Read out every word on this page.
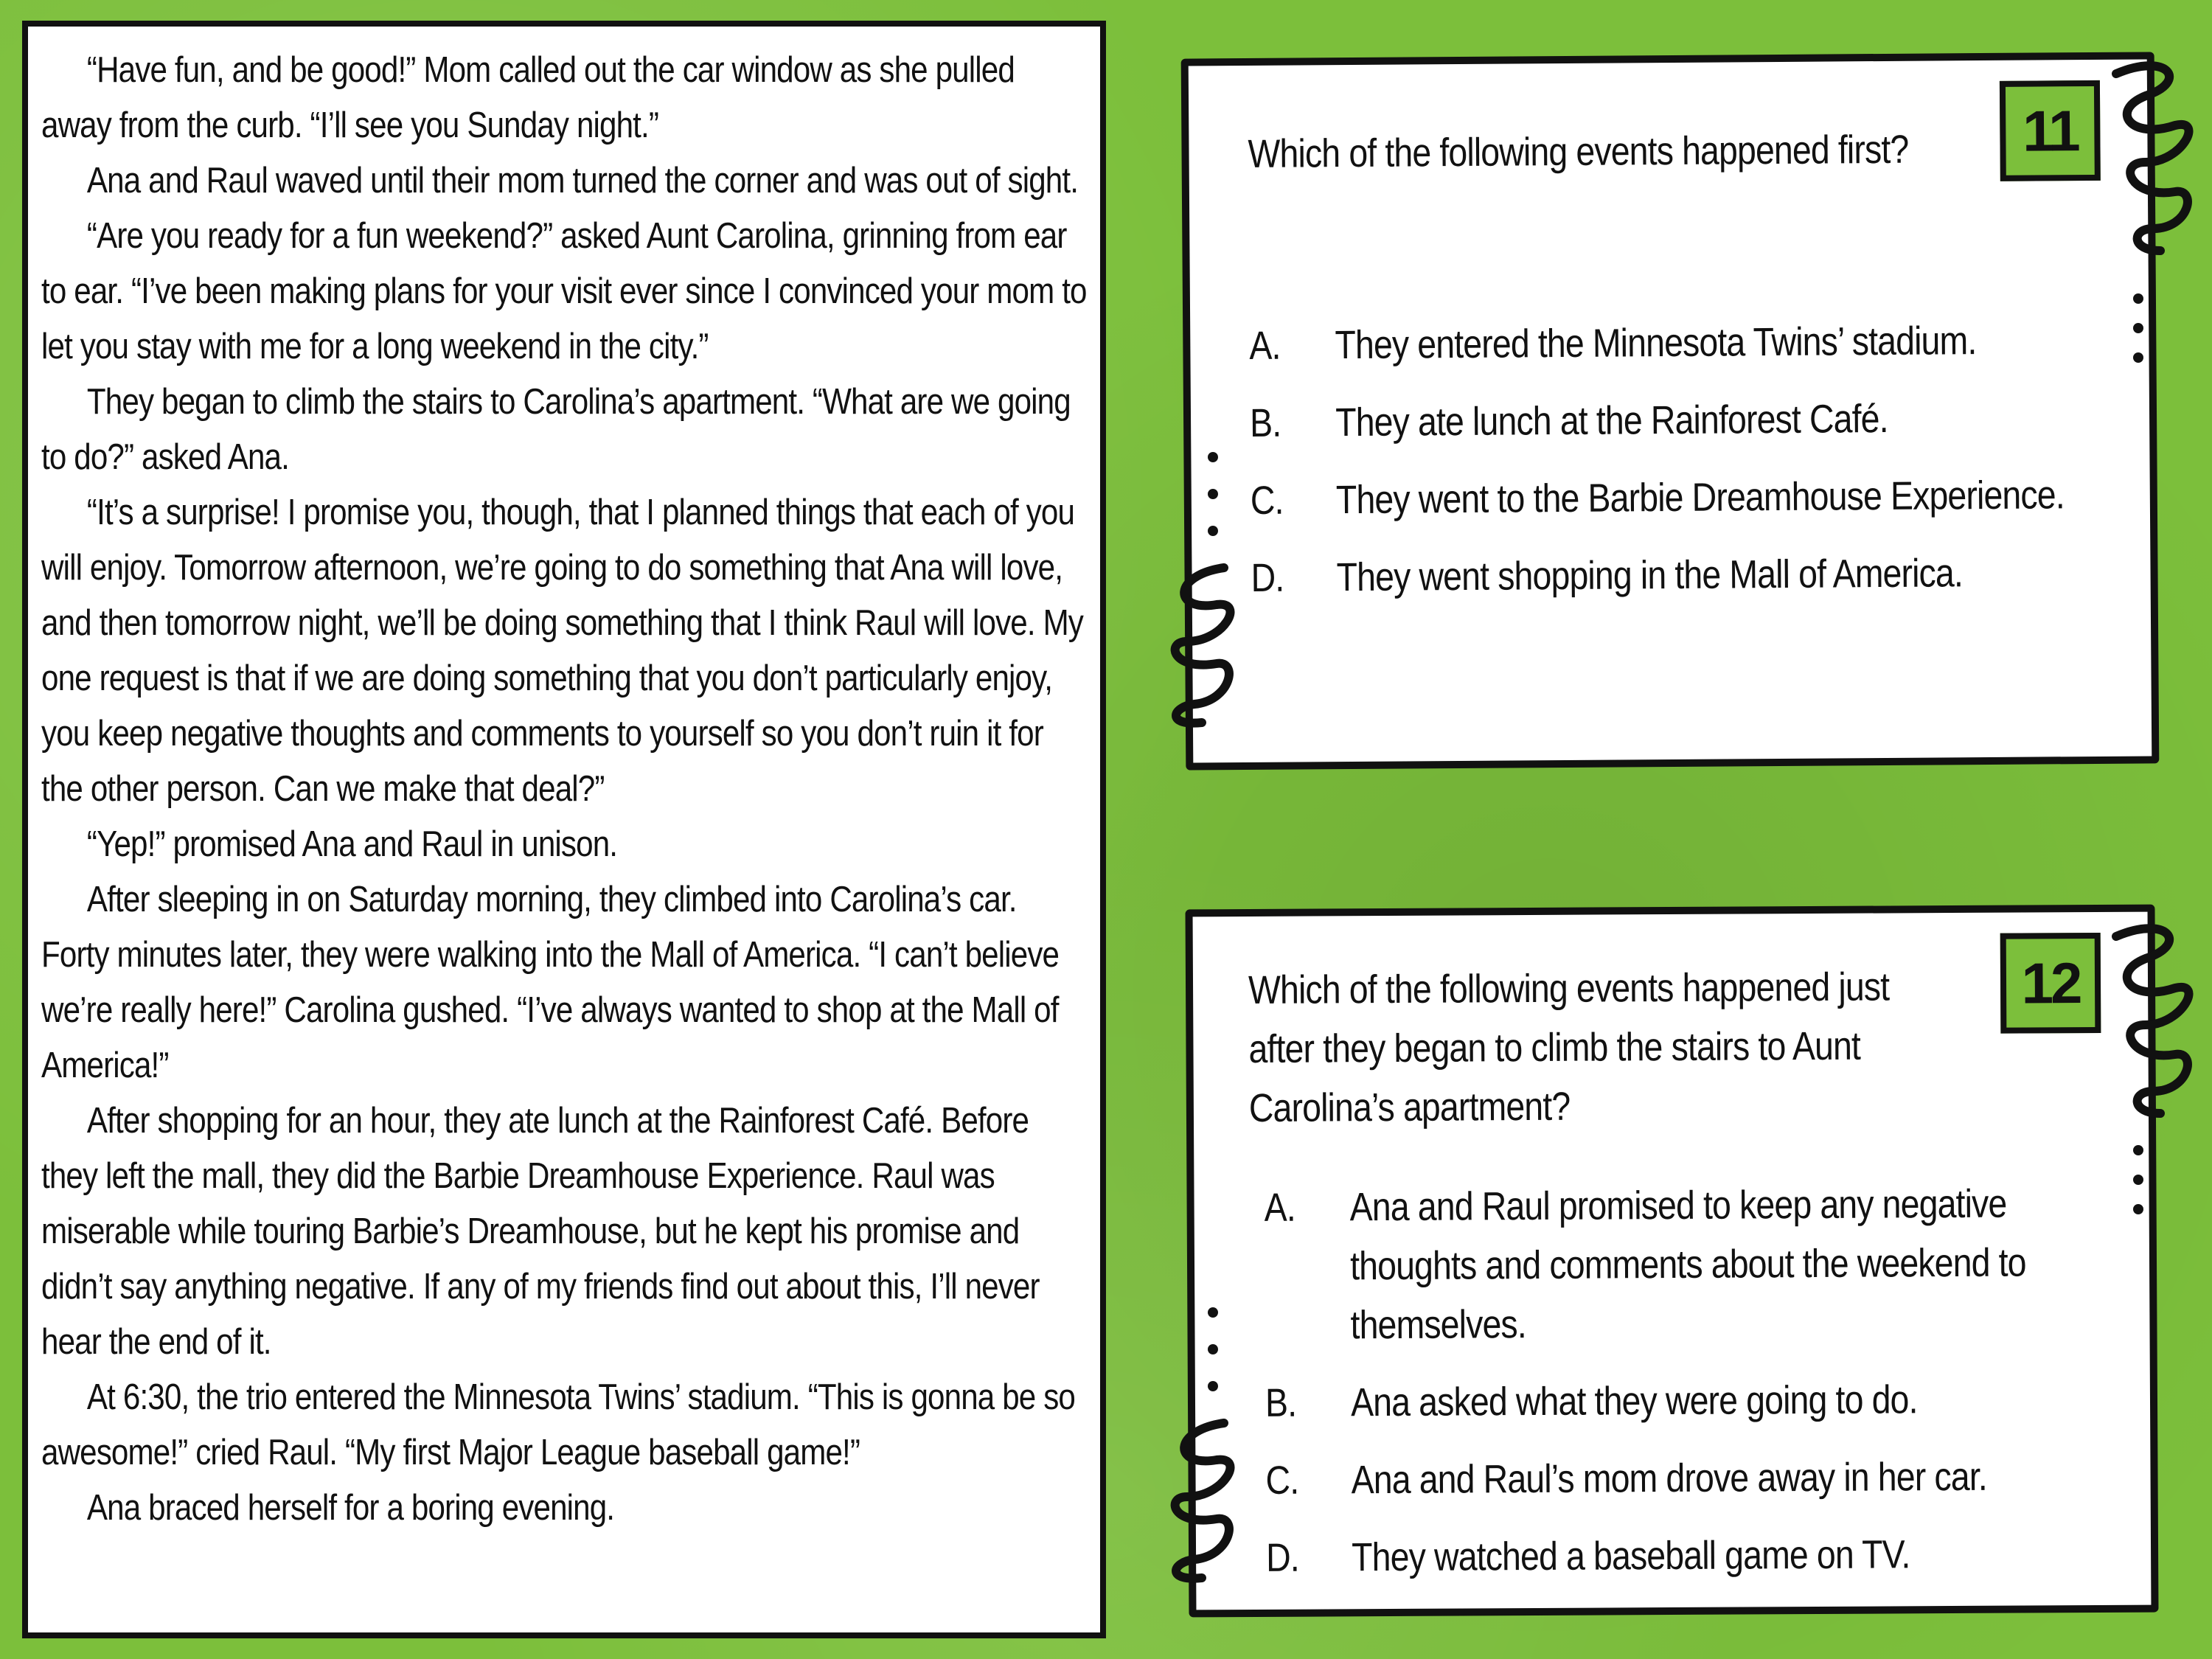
“Have fun, and be good!” Mom called out the car window as she pulled away from the curb. “I’ll see you Sunday night.”

Ana and Raul waved until their mom turned the corner and was out of sight.

“Are you ready for a fun weekend?” asked Aunt Carolina, grinning from ear to ear. “I’ve been making plans for your visit ever since I convinced your mom to let you stay with me for a long weekend in the city.”

They began to climb the stairs to Carolina’s apartment. “What are we going to do?” asked Ana.

“It’s a surprise! I promise you, though, that I planned things that each of you will enjoy. Tomorrow afternoon, we’re going to do something that Ana will love, and then tomorrow night, we’ll be doing something that I think Raul will love. My one request is that if we are doing something that you don’t particularly enjoy, you keep negative thoughts and comments to yourself so you don’t ruin it for the other person. Can we make that deal?”

“Yep!” promised Ana and Raul in unison.

After sleeping in on Saturday morning, they climbed into Carolina’s car. Forty minutes later, they were walking into the Mall of America. “I can’t believe we’re really here!” Carolina gushed. “I’ve always wanted to shop at the Mall of America!”

After shopping for an hour, they ate lunch at the Rainforest Café. Before they left the mall, they did the Barbie Dreamhouse Experience. Raul was miserable while touring Barbie’s Dreamhouse, but he kept his promise and didn’t say anything negative. If any of my friends find out about this, I’ll never hear the end of it.

At 6:30, the trio entered the Minnesota Twins’ stadium. “This is gonna be so awesome!” cried Raul. “My first Major League baseball game!”

Ana braced herself for a boring evening.

11
Which of the following events happened first?
A.	They entered the Minnesota Twins’ stadium.
B.	They ate lunch at the Rainforest Café.
C.	They went to the Barbie Dreamhouse Experience.
D.	They went shopping in the Mall of America.
12
Which of the following events happened just after they began to climb the stairs to Aunt Carolina’s apartment?
A.	Ana and Raul promised to keep any negative thoughts and comments about the weekend to themselves.
B.	Ana asked what they were going to do.
C.	Ana and Raul’s mom drove away in her car.
D.	They watched a baseball game on TV.
